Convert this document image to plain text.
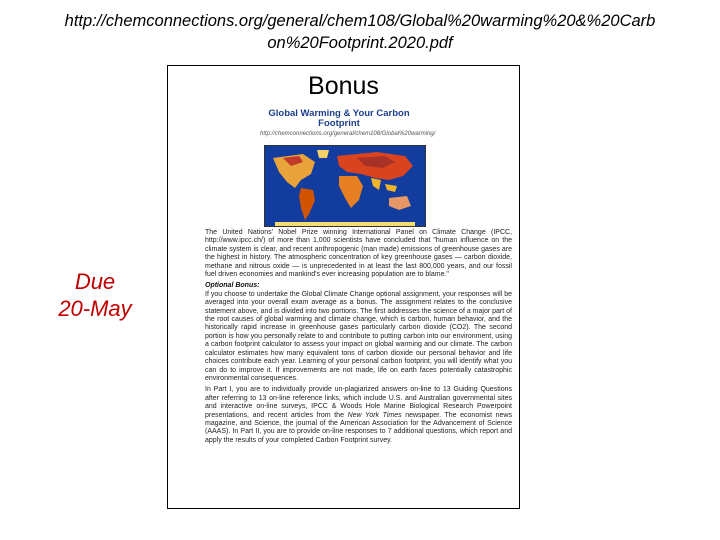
http://chemconnections.org/general/chem108/Global%20warming%20&%20Carb
on%20Footprint.2020.pdf
Due
20-May
Bonus
Global Warming & Your Carbon Footprint
http://chemconnections.org/general/chem108/Global%20warming/

The United Nations' Nobel Prize winning International Panel on Climate Change (IPCC, http://www.ipcc.ch/) of more than 1,000 scientists have concluded that "human influence on the climate system is clear, and recent anthropogenic (man made) emissions of greenhouse gases are the highest in history. The atmospheric concentration of key greenhouse gases — carbon dioxide, methane and nitrous oxide — is unprecedented in at least the last 800,000 years, and our fossil fuel driven economies and mankind's ever increasing population are to blame."

Optional Bonus:

If you choose to undertake the Global Climate Change optional assignment, your responses will be averaged into your overall exam average as a bonus. The assignment relates to the conclusive statement above, and is divided into two portions. The first addresses the science of a major part of the root causes of global warming and climate change, which is carbon, human behavior, and the historically rapid increase in greenhouse gases particularly carbon dioxide (CO2). The second portion is how you personally relate to and contribute to putting carbon into our environment, using a carbon footprint calculator to assess your impact on global warming and our climate. The carbon calculator estimates how many equivalent tons of carbon dioxide our personal behavior and life choices contribute each year. Learning of your personal carbon footprint, you will identify what you can do to improve it. If improvements are not made, life on earth faces potentially catastrophic environmental consequences.

In Part I, you are to individually provide un-plagiarized answers on-line to 13 Guiding Questions after referring to 13 on-line reference links, which include U.S. and Australian governmental sites and interactive on-line surveys, IPCC & Woods Hole Marine Biological Research Powerpoint presentations, and recent articles from the New York Times newspaper. The economist news magazine, and Science, the journal of the American Association for the Advancement of Science (AAAS). In Part II, you are to provide on-line responses to 7 additional questions, which report and apply the results of your completed Carbon Footprint survey.
